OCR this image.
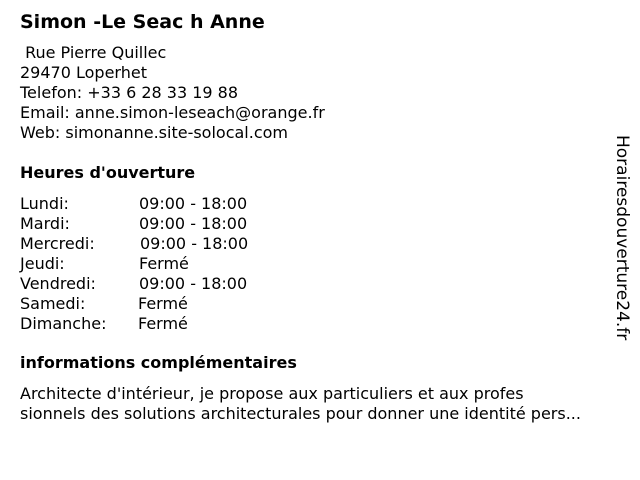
Simon -Le Seac h Anne
Rue Pierre Quillec
29470 Loperhet
Telefon: +33 6 28 33 19 88
Email: anne.simon-leseach@orange.fr
Web: simonanne.site-solocal.com
Heures d'ouverture
Lundi:	09:00 - 18:00
Mardi:	09:00 - 18:00
Mercredi:	09:00 - 18:00
Jeudi:	Fermé
Vendredi:	09:00 - 18:00
Samedi:	Fermé
Dimanche: Fermé
informations complémentaires
Architecte d'intérieur, je propose aux particuliers et aux profes
sionnels des solutions architecturales pour donner une identité pers...
Horairesdouverture24.fr
